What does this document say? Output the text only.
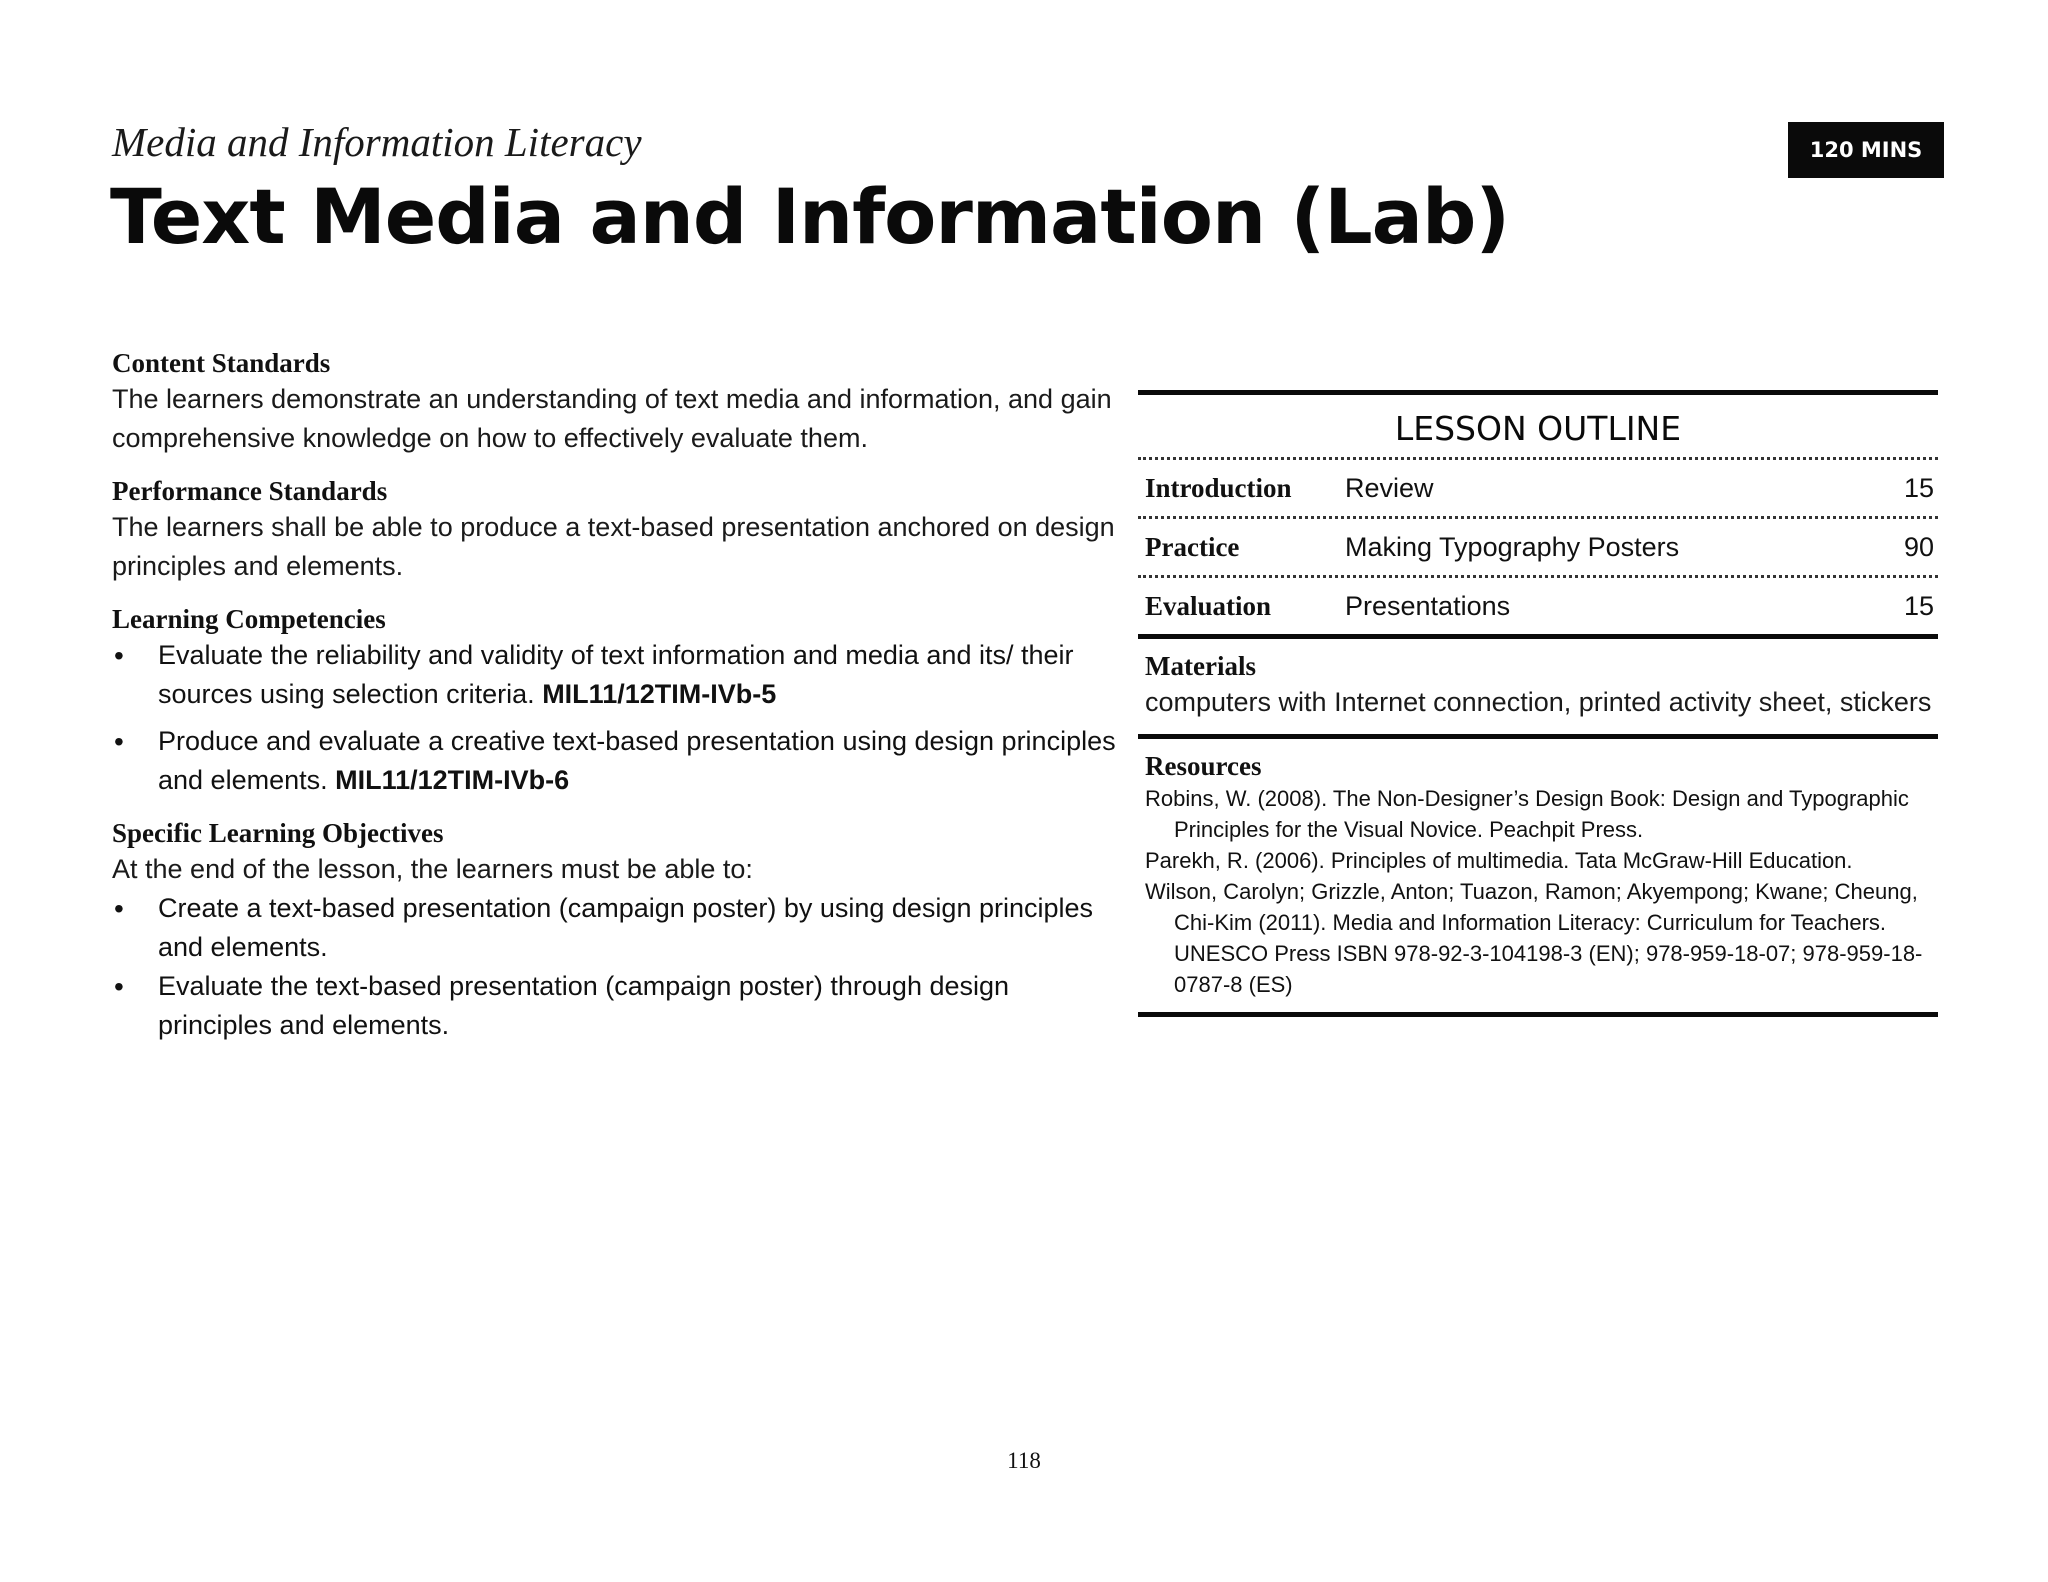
Media and Information Literacy
Text Media and Information (Lab)
120 MINS
Content Standards
The learners demonstrate an understanding of text media and information, and gain comprehensive knowledge on how to effectively evaluate them.
Performance Standards
The learners shall be able to produce a text-based presentation anchored on design principles and elements.
Learning Competencies
• Evaluate the reliability and validity of text information and media and its/ their sources using selection criteria. MIL11/12TIM-IVb-5
• Produce and evaluate a creative text-based presentation using design principles and elements. MIL11/12TIM-IVb-6
Specific Learning Objectives
At the end of the lesson, the learners must be able to:
• Create a text-based presentation (campaign poster) by using design principles and elements.
• Evaluate the text-based presentation (campaign poster) through design principles and elements.
LESSON OUTLINE
Introduction	Review	15
Practice	Making Typography Posters	90
Evaluation	Presentations	15
Materials
computers with Internet connection, printed activity sheet, stickers
Resources
Robins, W. (2008). The Non-Designer’s Design Book: Design and Typographic Principles for the Visual Novice. Peachpit Press.
Parekh, R. (2006). Principles of multimedia. Tata McGraw-Hill Education.
Wilson, Carolyn; Grizzle, Anton; Tuazon, Ramon; Akyempong; Kwane; Cheung, Chi-Kim (2011). Media and Information Literacy: Curriculum for Teachers. UNESCO Press ISBN 978-92-3-104198-3 (EN); 978-959-18-07; 978-959-18-0787-8 (ES)
118
